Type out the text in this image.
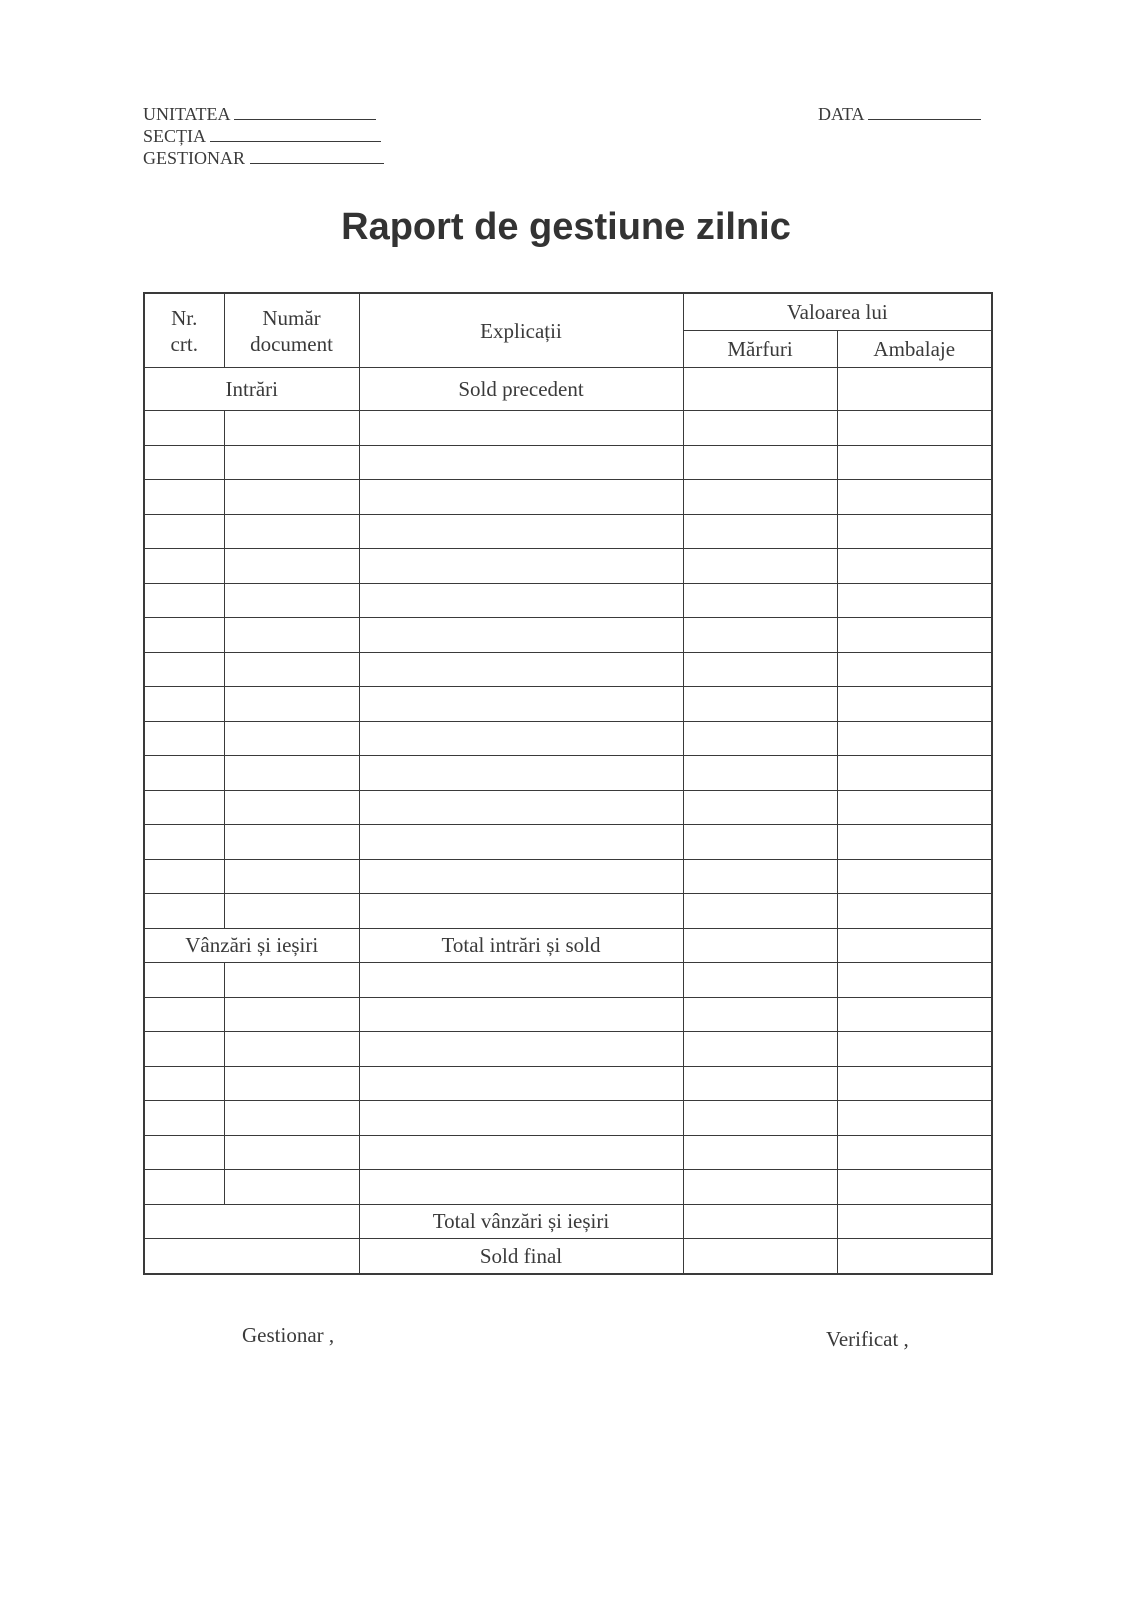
UNITATEA
SECȚIA
GESTIONAR
DATA
Raport de gestiune zilnic
Nr. crt.	Număr document	Explicații	Valoarea lui	
			Mărfuri	Ambalaje
Intrări		Sold precedent		

Vânzări și ieșiri		Total intrări și sold		

		Total vânzări și ieșiri		
		Sold final		
Gestionar ,	Verificat ,
